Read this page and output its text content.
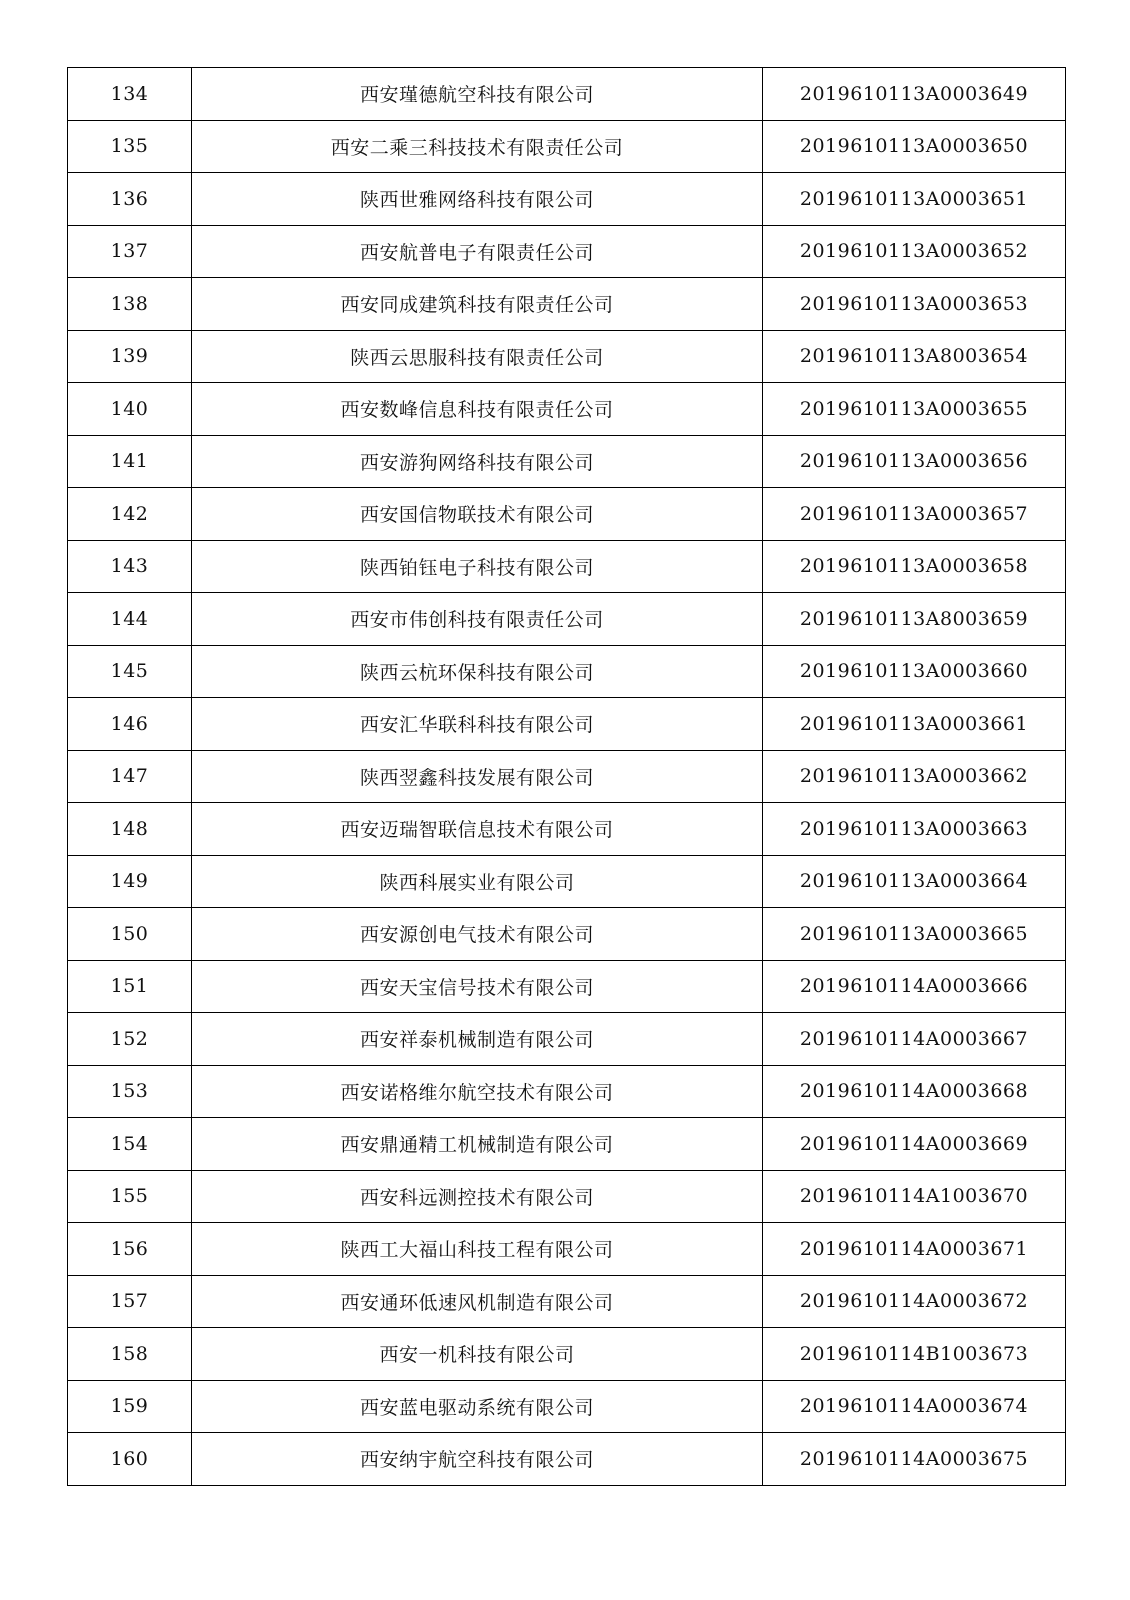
134	西安瑾德航空科技有限公司	2019610113A0003649
135	西安二乘三科技技术有限责任公司	2019610113A0003650
136	陕西世雅网络科技有限公司	2019610113A0003651
137	西安航普电子有限责任公司	2019610113A0003652
138	西安同成建筑科技有限责任公司	2019610113A0003653
139	陕西云思服科技有限责任公司	2019610113A8003654
140	西安数峰信息科技有限责任公司	2019610113A0003655
141	西安游狗网络科技有限公司	2019610113A0003656
142	西安国信物联技术有限公司	2019610113A0003657
143	陕西铂钰电子科技有限公司	2019610113A0003658
144	西安市伟创科技有限责任公司	2019610113A8003659
145	陕西云杭环保科技有限公司	2019610113A0003660
146	西安汇华联科科技有限公司	2019610113A0003661
147	陕西翌鑫科技发展有限公司	2019610113A0003662
148	西安迈瑞智联信息技术有限公司	2019610113A0003663
149	陕西科展实业有限公司	2019610113A0003664
150	西安源创电气技术有限公司	2019610113A0003665
151	西安天宝信号技术有限公司	2019610114A0003666
152	西安祥泰机械制造有限公司	2019610114A0003667
153	西安诺格维尔航空技术有限公司	2019610114A0003668
154	西安鼎通精工机械制造有限公司	2019610114A0003669
155	西安科远测控技术有限公司	2019610114A1003670
156	陕西工大福山科技工程有限公司	2019610114A0003671
157	西安通环低速风机制造有限公司	2019610114A0003672
158	西安一机科技有限公司	2019610114B1003673
159	西安蓝电驱动系统有限公司	2019610114A0003674
160	西安纳宇航空科技有限公司	2019610114A0003675
